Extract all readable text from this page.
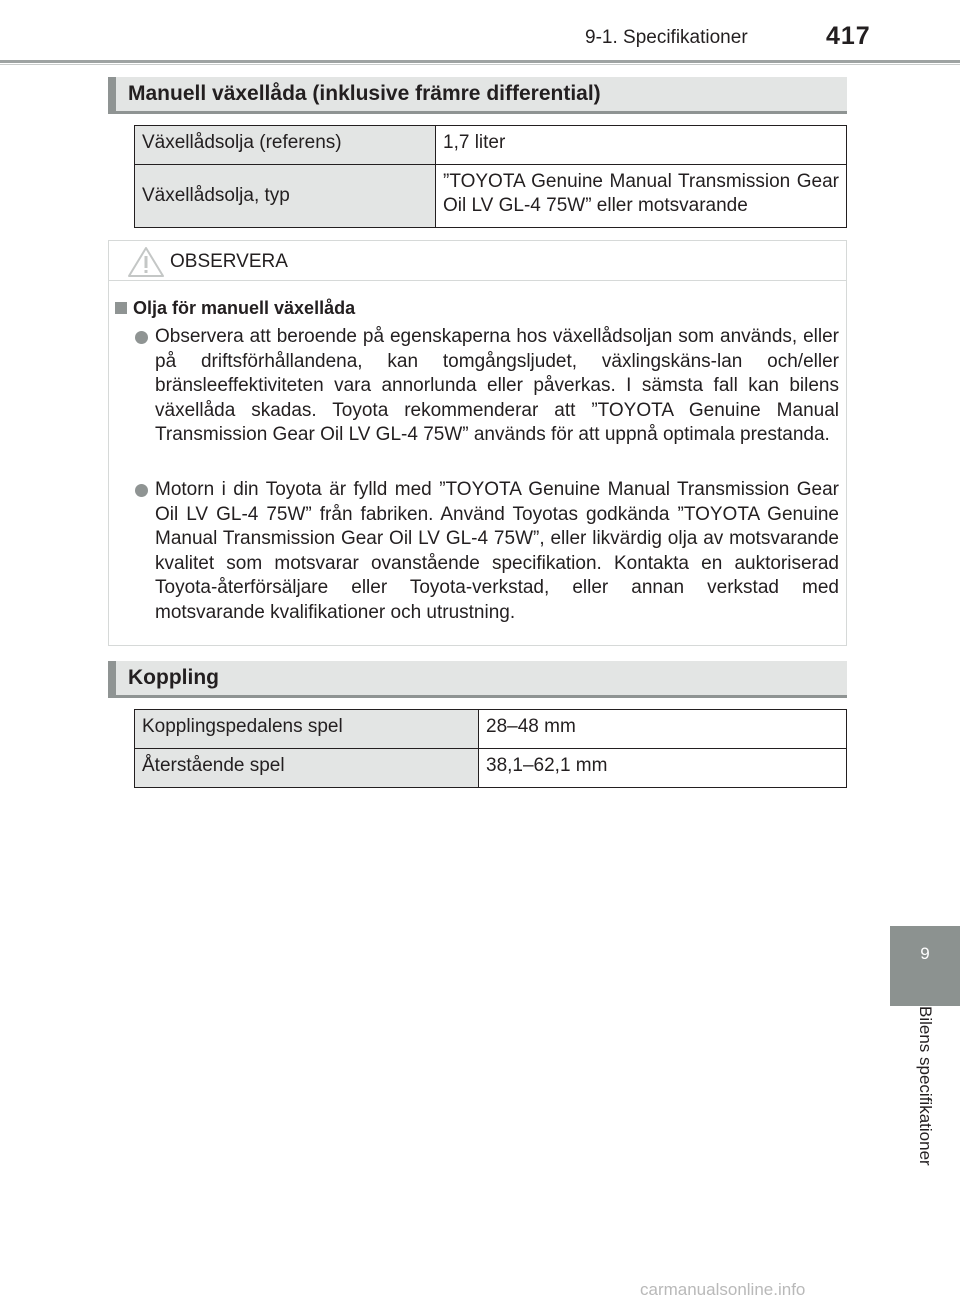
9-1. Specifikationer	417
9
Bilens specifikationer
Manuell växellåda (inklusive främre differential)
Växellådsolja (referens)	1,7 liter
Växellådsolja, typ	”TOYOTA Genuine Manual Transmission Gear Oil LV GL-4 75W” eller motsvarande
OBSERVERA
Olja för manuell växellåda
Observera att beroende på egenskaperna hos växellådsoljan som används, eller på driftsförhållandena, kan tomgångsljudet, växlingskäns-lan och/eller bränsleeffektiviteten vara annorlunda eller påverkas. I sämsta fall kan bilens växellåda skadas. Toyota rekommenderar att ”TOYOTA Genuine Manual Transmission Gear Oil LV GL-4 75W” används för att uppnå optimala prestanda.
Motorn i din Toyota är fylld med ”TOYOTA Genuine Manual Transmission Gear Oil LV GL-4 75W” från fabriken. Använd Toyotas godkända ”TOYOTA Genuine Manual Transmission Gear Oil LV GL-4 75W”, eller likvärdig olja av motsvarande kvalitet som motsvarar ovanstående specifikation. Kontakta en auktoriserad Toyota-återförsäljare eller Toyota-verkstad, eller annan verkstad med motsvarande kvalifikationer och utrustning.
Koppling
Kopplingspedalens spel	28–48 mm
Återstående spel	38,1–62,1 mm
carmanualsonline.info
